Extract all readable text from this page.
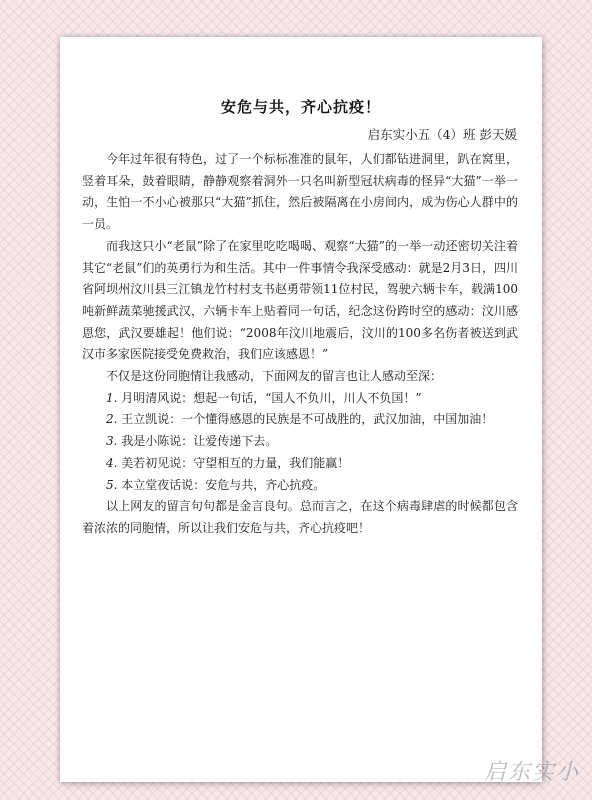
安危与共，齐心抗疫！
启东实小五（4）班 彭天媛

今年过年很有特色，过了一个标标准准的鼠年，人们都钻进洞里，趴在窝里，竖着耳朵，鼓着眼睛，静静观察着洞外一只名叫新型冠状病毒的怪异“大猫”一举一动，生怕一不小心被那只“大猫”抓住，然后被隔离在小房间内，成为伤心人群中的一员。

而我这只小“老鼠”除了在家里吃吃喝喝、观察“大猫”的一举一动还密切关注着其它“老鼠”们的英勇行为和生活。其中一件事情令我深受感动：就是2月3日，四川省阿坝州汶川县三江镇龙竹村村支书赵勇带领11位村民，驾驶六辆卡车，载满100吨新鲜蔬菜驰援武汉，六辆卡车上贴着同一句话，纪念这份跨时空的感动：汶川感恩您，武汉要雄起！他们说：“2008年汶川地震后，汶川的100多名伤者被送到武汉市多家医院接受免费救治，我们应该感恩！”

不仅是这份同胞情让我感动，下面网友的留言也让人感动至深：

1. 月明清风说：想起一句话，“国人不负川，川人不负国！”

2. 王立凯说：一个懂得感恩的民族是不可战胜的，武汉加油，中国加油！

3. 我是小陈说：让爱传递下去。

4. 美若初见说：守望相互的力量，我们能赢！

5. 本立堂夜话说：安危与共，齐心抗疫。

以上网友的留言句句都是金言良句。总而言之，在这个病毒肆虐的时候都包含着浓浓的同胞情，所以让我们安危与共，齐心抗疫吧！

启东实小
